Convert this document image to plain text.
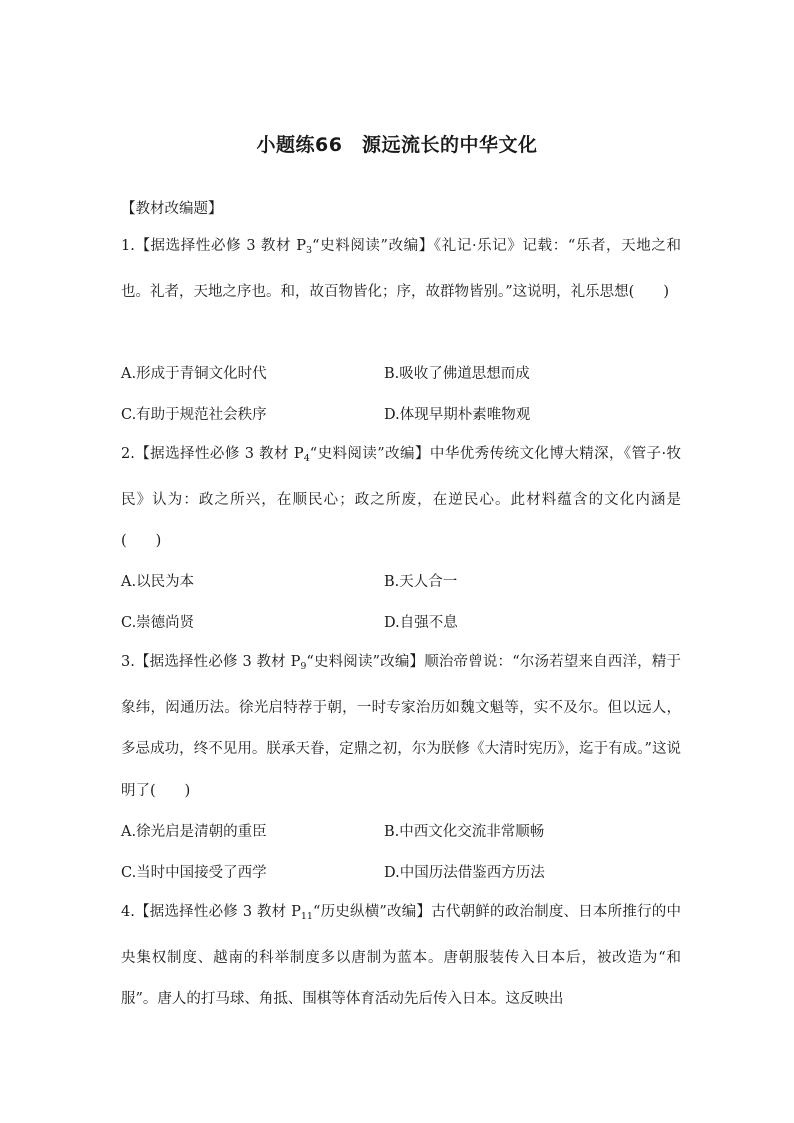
小题练66　源远流长的中华文化

【教材改编题】

1.【据选择性必修 3 教材 $P_3“$史料阅读”改编】《礼记·乐记》记载：“乐者，天地之和也。礼者，天地之序也。和，故百物皆化；序，故群物皆别。”这说明，礼乐思想(　　)

A.形成于青铜文化时代	B.吸收了佛道思想而成
C.有助于规范社会秩序	D.体现早期朴素唯物观

2.【据选择性必修 3 教材 $P_4“$史料阅读”改编】中华优秀传统文化博大精深，《管子·牧民》认为：政之所兴，在顺民心；政之所废，在逆民心。此材料蕴含的文化内涵是(　　)

A.以民为本	B.天人合一
C.崇德尚贤	D.自强不息

3.【据选择性必修 3 教材 $P_9“$史料阅读”改编】顺治帝曾说：“尔汤若望来自西洋，精于象纬，闳通历法。徐光启特荐于朝，一时专家治历如魏文魁等，实不及尔。但以远人，多忌成功，终不见用。朕承天眷，定鼎之初，尔为朕修《大清时宪历》，迄于有成。”这说明了(　　)

A.徐光启是清朝的重臣	B.中西文化交流非常顺畅
C.当时中国接受了西学	D.中国历法借鉴西方历法

4.【据选择性必修 3 教材 $P_{11}“$历史纵横”改编】古代朝鲜的政治制度、日本所推行的中央集权制度、越南的科举制度多以唐制为蓝本。唐朝服装传入日本后，被改造为“和服”。唐人的打马球、角抵、围棋等体育活动先后传入日本。这反映出
